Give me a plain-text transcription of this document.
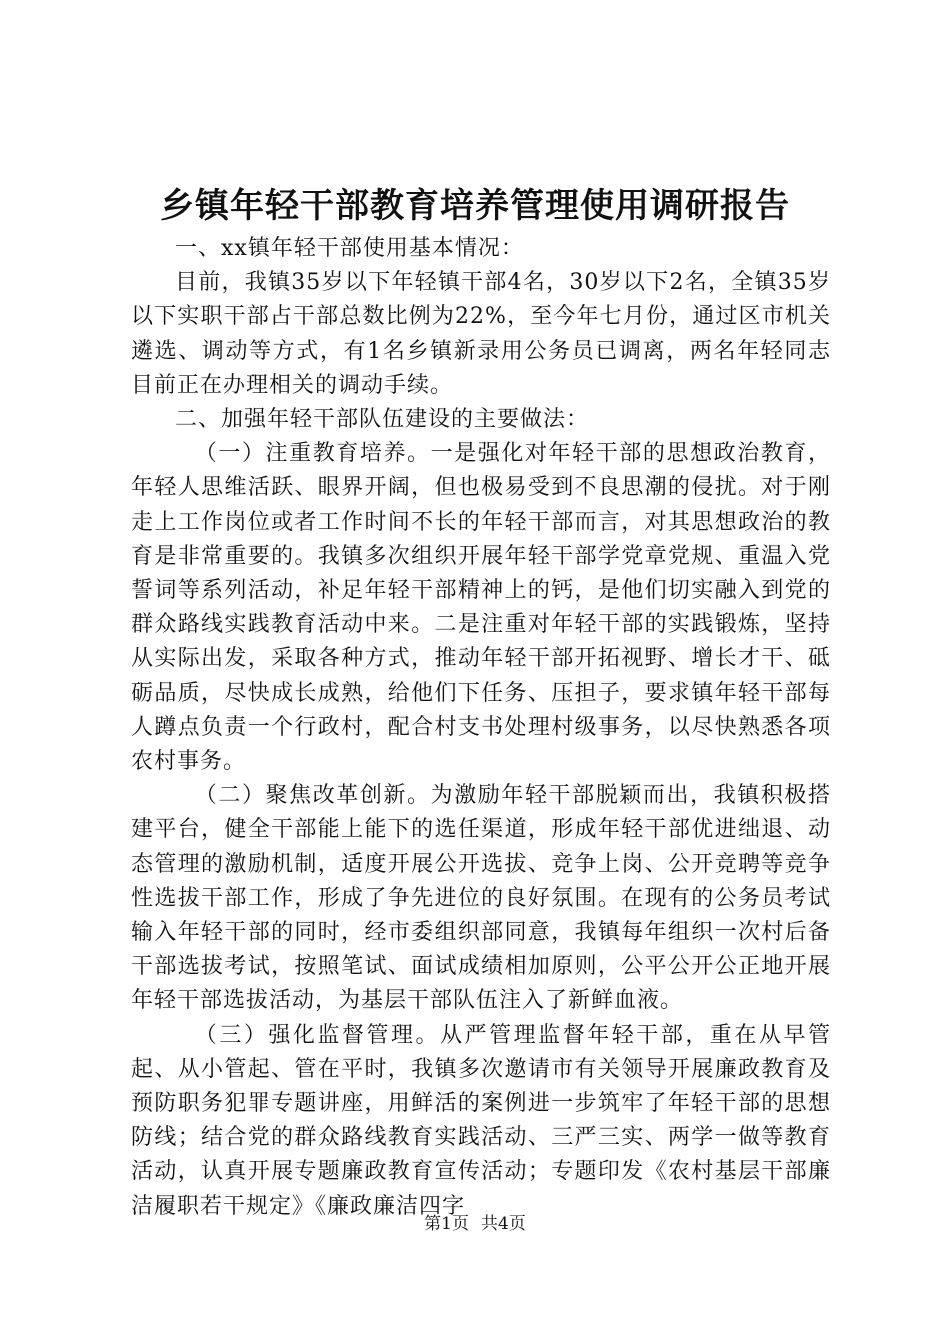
乡镇年轻干部教育培养管理使用调研报告

一、xx镇年轻干部使用基本情况：

目前，我镇35岁以下年轻镇干部4名，30岁以下2名，全镇35岁以下实职干部占干部总数比例为22%，至今年七月份，通过区市机关遴选、调动等方式，有1名乡镇新录用公务员已调离，两名年轻同志目前正在办理相关的调动手续。

二、加强年轻干部队伍建设的主要做法：

（一）注重教育培养。一是强化对年轻干部的思想政治教育，年轻人思维活跃、眼界开阔，但也极易受到不良思潮的侵扰。对于刚走上工作岗位或者工作时间不长的年轻干部而言，对其思想政治的教育是非常重要的。我镇多次组织开展年轻干部学党章党规、重温入党誓词等系列活动，补足年轻干部精神上的钙，是他们切实融入到党的群众路线实践教育活动中来。二是注重对年轻干部的实践锻炼，坚持从实际出发，采取各种方式，推动年轻干部开拓视野、增长才干、砥砺品质，尽快成长成熟，给他们下任务、压担子，要求镇年轻干部每人蹲点负责一个行政村，配合村支书处理村级事务，以尽快熟悉各项农村事务。

（二）聚焦改革创新。为激励年轻干部脱颖而出，我镇积极搭建平台，健全干部能上能下的选任渠道，形成年轻干部优进绌退、动态管理的激励机制，适度开展公开选拔、竞争上岗、公开竞聘等竞争性选拔干部工作，形成了争先进位的良好氛围。在现有的公务员考试输入年轻干部的同时，经市委组织部同意，我镇每年组织一次村后备干部选拔考试，按照笔试、面试成绩相加原则，公平公开公正地开展年轻干部选拔活动，为基层干部队伍注入了新鲜血液。

（三）强化监督管理。从严管理监督年轻干部，重在从早管起、从小管起、管在平时，我镇多次邀请市有关领导开展廉政教育及预防职务犯罪专题讲座，用鲜活的案例进一步筑牢了年轻干部的思想防线；结合党的群众路线教育实践活动、三严三实、两学一做等教育活动，认真开展专题廉政教育宣传活动；专题印发《农村基层干部廉洁履职若干规定》《廉政廉洁四字

第1页 共4页
